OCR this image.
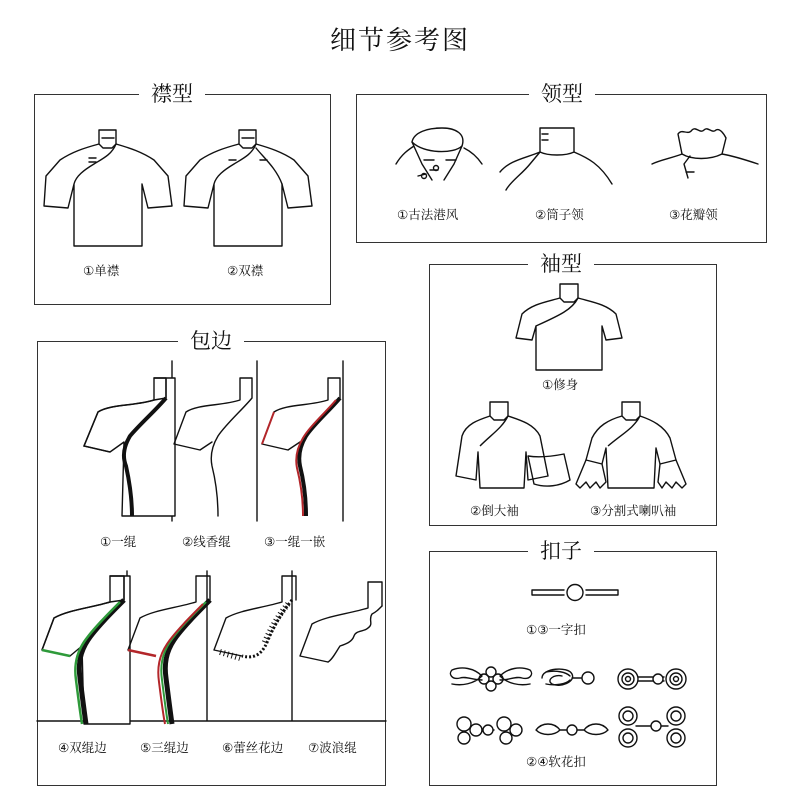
细节参考图
襟型
①单襟	②双襟
领型
①古法港风	②筒子领	③花瓣领
袖型
①修身
②倒大袖	③分割式喇叭袖
包边
①一绲	②线香绲	③一绲一嵌
④双绲边	⑤三绲边	⑥蕾丝花边 ⑦波浪绲
扣子
①③一字扣
②④软花扣
